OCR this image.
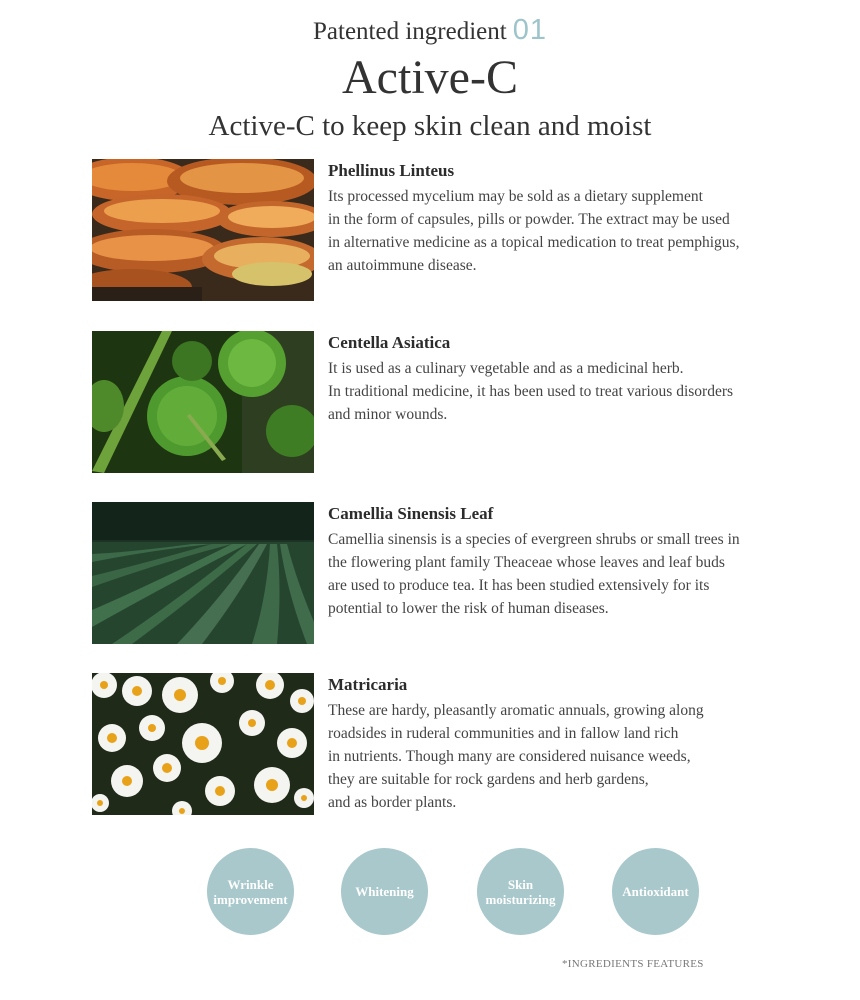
Patented ingredient 01
Active-C
Active-C to keep skin clean and moist
Phellinus Linteus

Its processed mycelium may be sold as a dietary supplement
in the form of capsules, pills or powder. The extract may be used
in alternative medicine as a topical medication to treat pemphigus,
an autoimmune disease.

Centella Asiatica

It is used as a culinary vegetable and as a medicinal herb.
In traditional medicine, it has been used to treat various disorders
and minor wounds.

Camellia Sinensis Leaf

Camellia sinensis is a species of evergreen shrubs or small trees in
the flowering plant family Theaceae whose leaves and leaf buds
are used to produce tea. It has been studied extensively for its
potential to lower the risk of human diseases.

Matricaria

These are hardy, pleasantly aromatic annuals, growing along
roadsides in ruderal communities and in fallow land rich
in nutrients. Though many are considered nuisance weeds,
they are suitable for rock gardens and herb gardens,
and as border plants.

Wrinkle
improvement	Whitening	Skin
moisturizing	Antioxidant
*INGREDIENTS FEATURES
